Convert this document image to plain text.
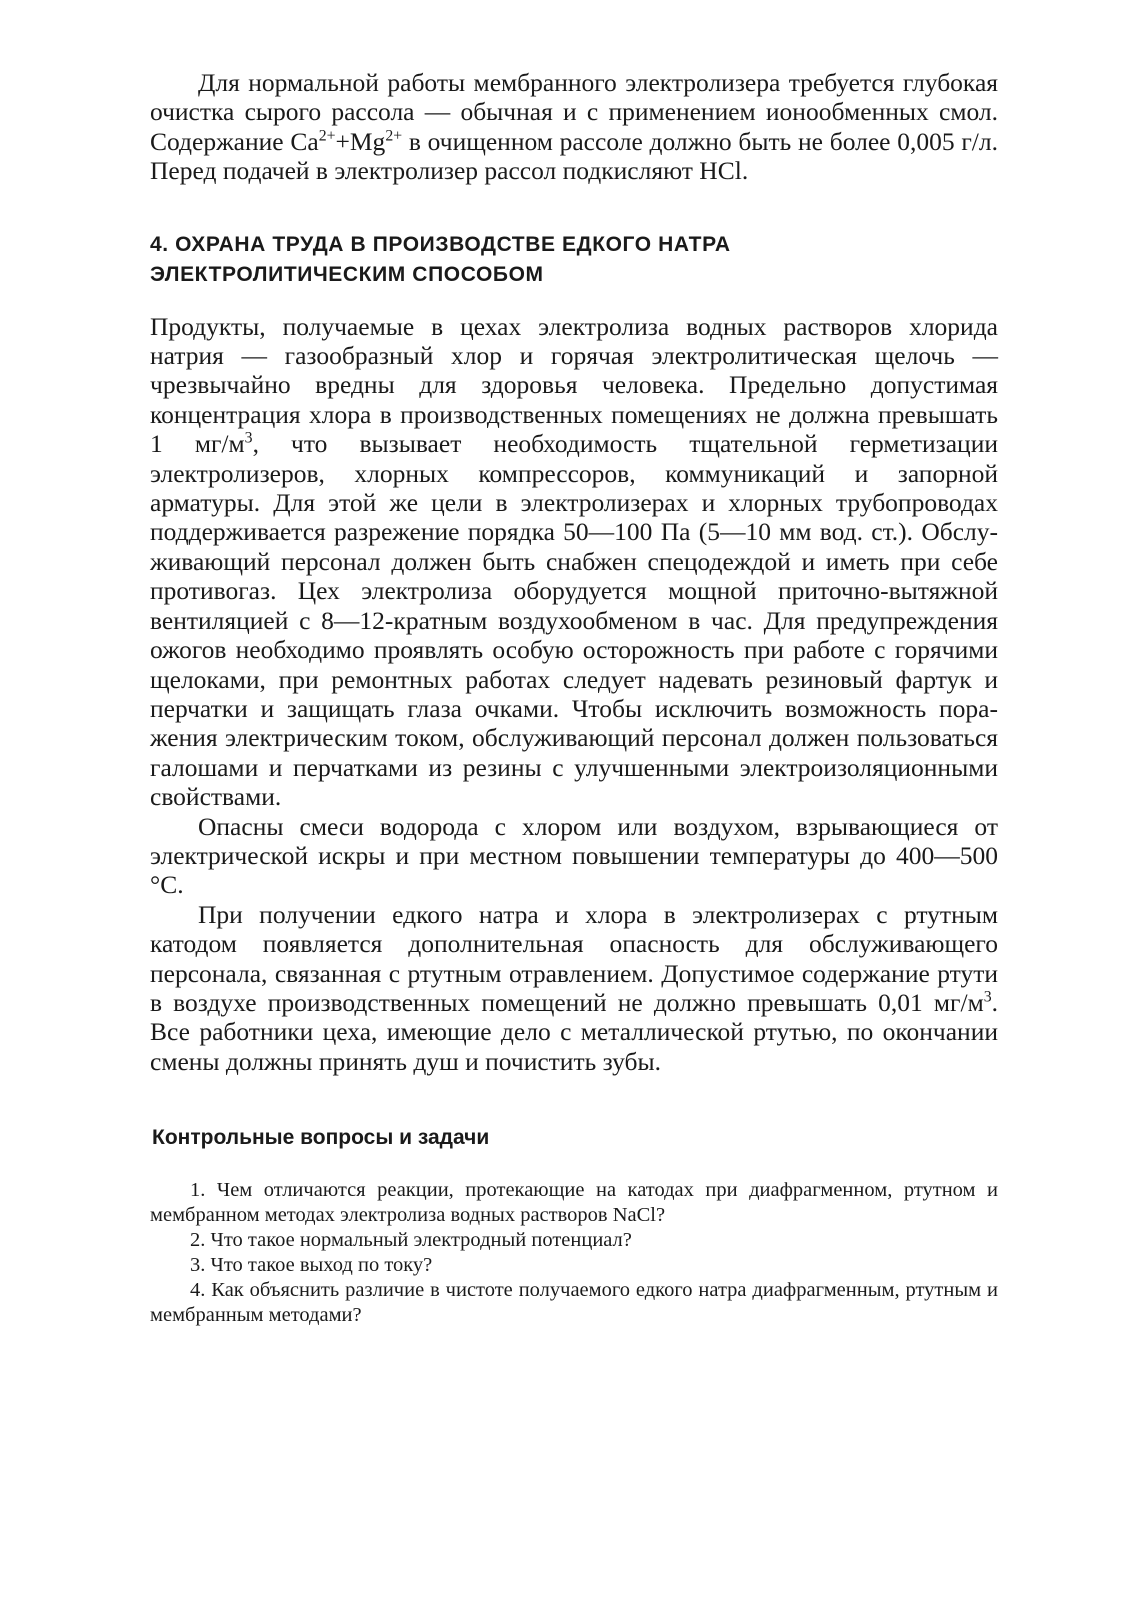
Для нормальной работы мембранного электролизера требуется глубокая очистка сырого рассола — обычная и с применением ионообменных смол. Содержание $Ca^{2+}+Mg^{2+}$ в очищенном рассоле должно быть не более 0,005 г/л. Перед подачей в электролизер рассол подкисляют HCl.

4. ОХРАНА ТРУДА В ПРОИЗВОДСТВЕ ЕДКОГО НАТРА
ЭЛЕКТРОЛИТИЧЕСКИМ СПОСОБОМ

Продукты, получаемые в цехах электролиза водных растворов хлорида натрия — газообразный хлор и горячая электролитическая щелочь — чрезвычайно вредны для здоровья человека. Предельно допустимая концентрация хлора в производственных помещениях не должна превышать 1 $мг/м^3$, что вызывает необходимость тщательной герметизации электролизеров, хлорных компрессоров, коммуникаций и запорной арматуры. Для этой же цели в электролизерах и хлорных трубопроводах поддерживается разрежение порядка 50—100 Па (5—10 мм вод. ст.). Обслуживающий персонал должен быть снабжен спецодеждой и иметь при себе противогаз. Цех электролиза оборудуется мощной приточно-вытяжной вентиляцией с 8—12-кратным воздухообменом в час. Для предупреждения ожогов необходимо проявлять особую осторожность при работе с горячими щелоками, при ремонтных работах следует надевать резиновый фартук и перчатки и защищать глаза очками. Чтобы исключить возможность поражения электрическим током, обслуживающий персонал должен пользоваться галошами и перчатками из резины с улучшенными электроизоляционными свойствами.

Опасны смеси водорода с хлором или воздухом, взрывающиеся от электрической искры и при местном повышении температуры до 400—500 °С.

При получении едкого натра и хлора в электролизерах с ртутным катодом появляется дополнительная опасность для обслуживающего персонала, связанная с ртутным отравлением. Допустимое содержание ртути в воздухе производственных помещений не должно превышать 0,01 $мг/м^3$. Все работники цеха, имеющие дело с металлической ртутью, по окончании смены должны принять душ и почистить зубы.

Контрольные вопросы и задачи
1. Чем отличаются реакции, протекающие на катодах при диафрагменном, ртутном и мембранном методах электролиза водных растворов NaCl?
2. Что такое нормальный электродный потенциал?
3. Что такое выход по току?
4. Как объяснить различие в чистоте получаемого едкого натра диафрагменным, ртутным и мембранным методами?
